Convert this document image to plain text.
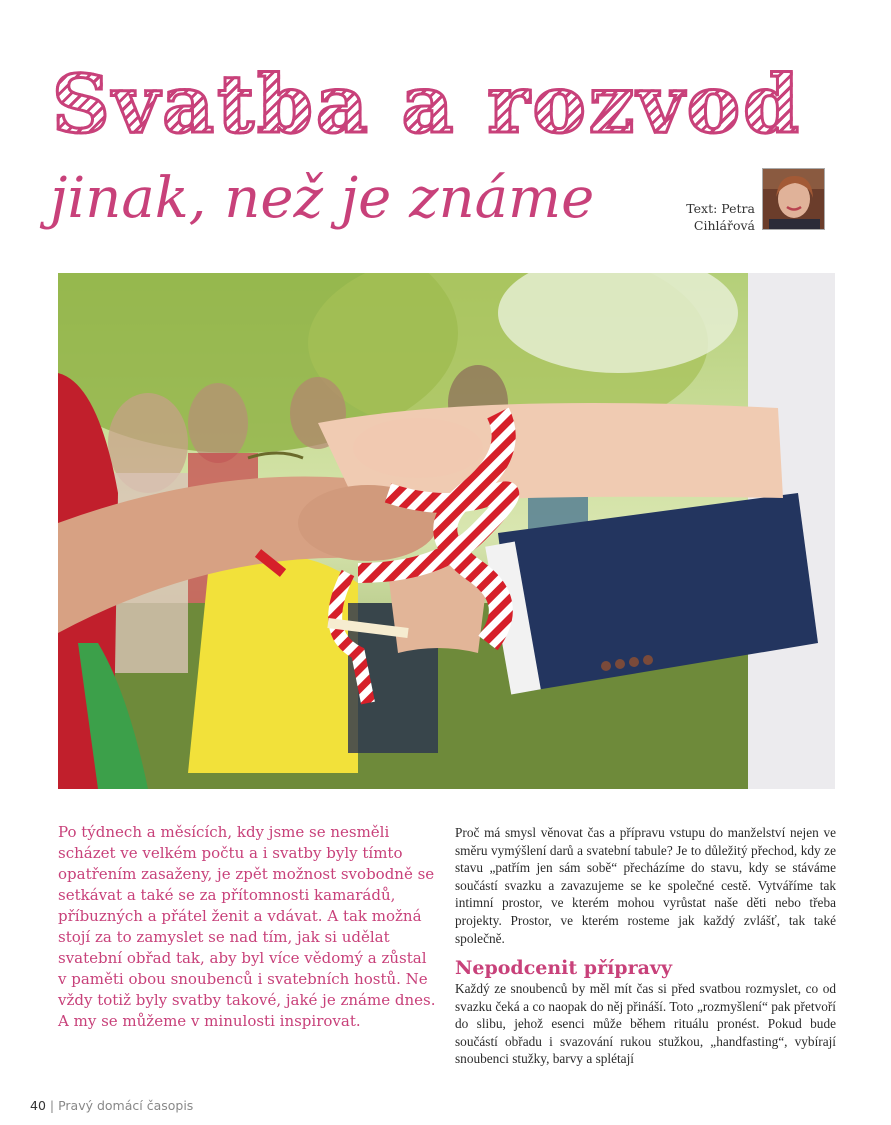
Svatba a rozvod
jinak, než je známe	Text: Petra
Cihlářová
Po týdnech a měsících, kdy jsme se nesměli scházet ve velkém počtu a i svatby byly tímto opatřením zasaženy, je zpět možnost svobodně se setkávat a také se za přítomnosti kamarádů, příbuzných a přátel ženit a vdávat. A tak možná stojí za to zamyslet se nad tím, jak si udělat svatební obřad tak, aby byl více vědomý a zůstal v paměti obou snoubenců i svatebních hostů. Ne vždy totiž byly svatby takové, jaké je známe dnes. A my se můžeme v minulosti inspirovat.

Proč má smysl věnovat čas a přípravu vstupu do manželství nejen ve směru vymýšlení darů a svatební tabule? Je to důležitý přechod, kdy ze stavu „patřím jen sám sobě“ přecházíme do stavu, kdy se stáváme součástí svazku a zavazujeme se ke společné cestě. Vytváříme tak intimní prostor, ve kterém mohou vyrůstat naše děti nebo třeba projekty. Prostor, ve kterém rosteme jak každý zvlášť, tak také společně.

Nepodcenit přípravy

Každý ze snoubenců by měl mít čas si před svatbou rozmyslet, co od svazku čeká a co naopak do něj přináší. Toto „rozmyšlení“ pak přetvoří do slibu, jehož esenci může během rituálu pronést. Pokud bude součástí obřadu i svazování rukou stužkou, „handfasting“, vybírají snoubenci stužky, barvy a splétají

40 | Pravý domácí časopis
